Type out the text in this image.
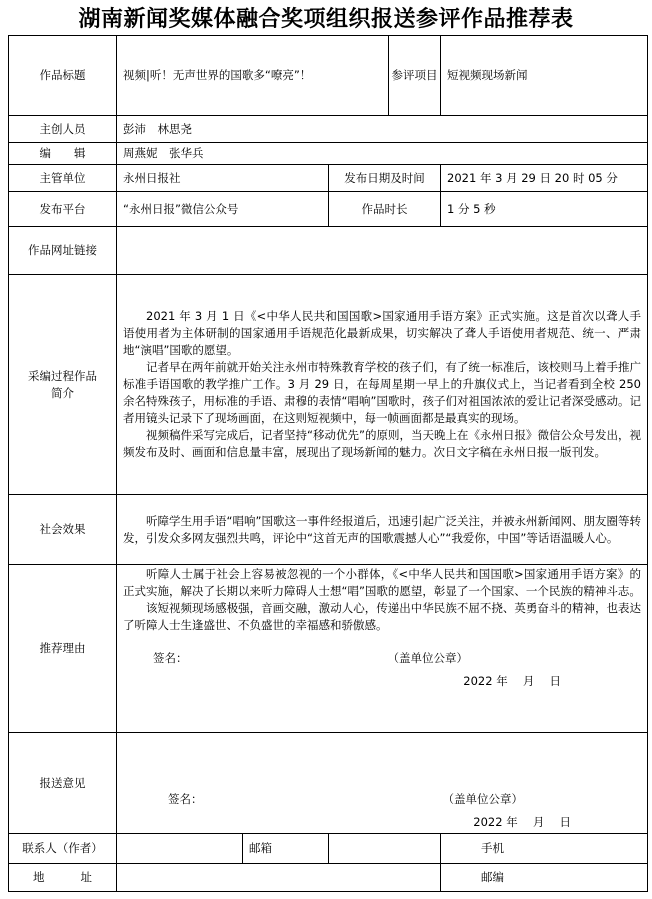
湖南新闻奖媒体融合奖项组织报送参评作品推荐表
作品标题	视频|听！无声世界的国歌多“嘹亮”！			参评项目	短视频现场新闻
主创人员	彭沛　林思尧				
编　　辑	周燕妮　张华兵				
主管单位	永州日报社		发布日期及时间		2021 年 3 月 29 日 20 时 05 分
发布平台	“永州日报”微信公众号		作品时长		1 分 5 秒
作品网址链接					
采编过程作品简介	2021 年 3 月 1 日《<中华人民共和国国歌>国家通用手语方案》正式实施。这是首次以聋人手语使用者为主体研制的国家通用手语规范化最新成果，切实解决了聋人手语使用者规范、统一、严肃地“演唱”国歌的愿望。

记者早在两年前就开始关注永州市特殊教育学校的孩子们，有了统一标准后，该校则马上着手推广标准手语国歌的教学推广工作。3 月 29 日，在每周星期一早上的升旗仪式上，当记者看到全校 250 余名特殊孩子，用标准的手语、肃穆的表情“唱响”国歌时，孩子们对祖国浓浓的爱让记者深受感动。记者用镜头记录下了现场画面，在这则短视频中，每一帧画面都是最真实的现场。

视频稿件采写完成后，记者坚持“移动优先”的原则，当天晚上在《永州日报》微信公众号发出，视频发布及时、画面和信息量丰富，展现出了现场新闻的魅力。次日文字稿在永州日报一版刊发。				

社会效果	听障学生用手语“唱响”国歌这一事件经报道后，迅速引起广泛关注，并被永州新闻网、朋友圈等转发，引发众多网友强烈共鸣，评论中“这首无声的国歌震撼人心”“我爱你，中国”等话语温暖人心。				

推荐理由	听障人士属于社会上容易被忽视的一个小群体，《<中华人民共和国国歌>国家通用手语方案》的正式实施，解决了长期以来听力障碍人士想“唱”国歌的愿望，彰显了一个国家、一个民族的精神斗志。

该短视频现场感极强，音画交融，激动人心，传递出中华民族不屈不挠、英勇奋斗的精神，也表达了听障人士生逢盛世、不负盛世的幸福感和骄傲感。

签名： （盖单位公章）
2022 年　 月　 日				

报送意见	签名： （盖单位公章）
2022 年　 月　 日				

联系人（作者）		邮箱			手机
地　　址					邮编
